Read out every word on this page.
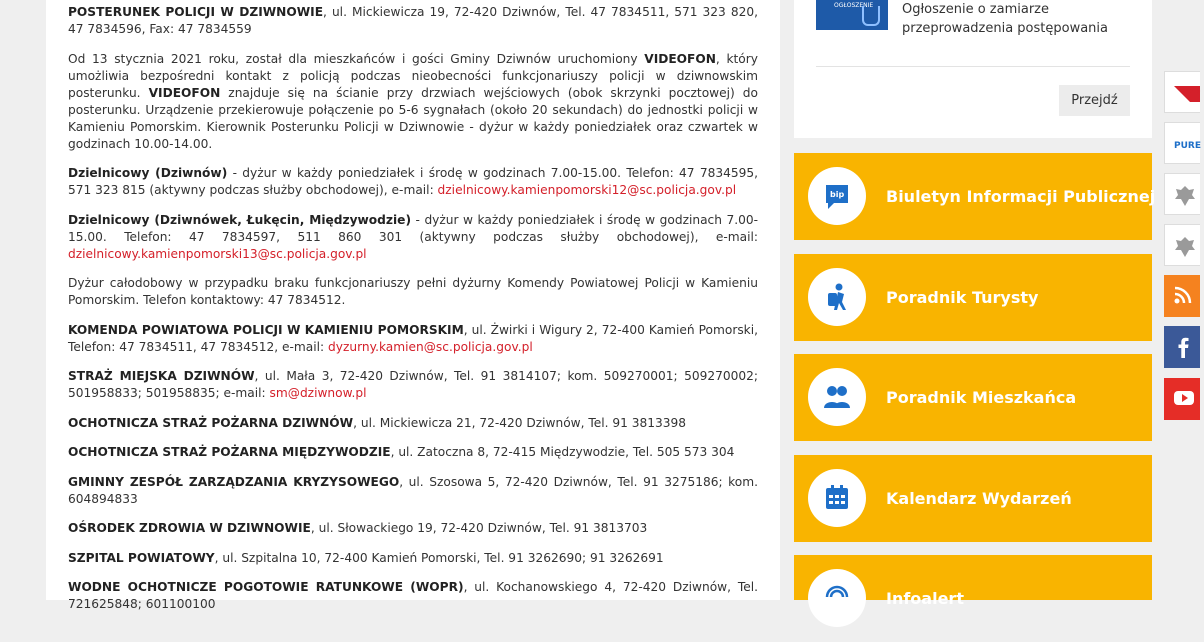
POSTERUNEK POLICJI W DZIWNOWIE, ul. Mickiewicza 19, 72-420 Dziwnów, Tel. 47 7834511, 571 323 820, 47 7834596, Fax: 47 7834559

Od 13 stycznia 2021 roku, został dla mieszkańców i gości Gminy Dziwnów uruchomiony VIDEOFON, który umożliwia bezpośredni kontakt z policją podczas nieobecności funkcjonariuszy policji w dziwnowskim posterunku. VIDEOFON znajduje się na ścianie przy drzwiach wejściowych (obok skrzynki pocztowej) do posterunku. Urządzenie przekierowuje połączenie po 5-6 sygnałach (około 20 sekundach) do jednostki policji w Kamieniu Pomorskim. Kierownik Posterunku Policji w Dziwnowie - dyżur w każdy poniedziałek oraz czwartek w godzinach 10.00-14.00.

Dzielnicowy (Dziwnów) - dyżur w każdy poniedziałek i środę w godzinach 7.00-15.00. Telefon: 47 7834595, 571 323 815 (aktywny podczas służby obchodowej), e-mail: dzielnicowy.kamienpomorski12@sc.policja.gov.pl

Dzielnicowy (Dziwnówek, Łukęcin, Międzywodzie) - dyżur w każdy poniedziałek i środę w godzinach 7.00-15.00. Telefon: 47 7834597, 511 860 301 (aktywny podczas służby obchodowej), e-mail: dzielnicowy.kamienpomorski13@sc.policja.gov.pl

Dyżur całodobowy w przypadku braku funkcjonariuszy pełni dyżurny Komendy Powiatowej Policji w Kamieniu Pomorskim. Telefon kontaktowy: 47 7834512.

KOMENDA POWIATOWA POLICJI W KAMIENIU POMORSKIM, ul. Żwirki i Wigury 2, 72-400 Kamień Pomorski, Telefon: 47 7834511, 47 7834512, e-mail: dyzurny.kamien@sc.policja.gov.pl

STRAŻ MIEJSKA DZIWNÓW, ul. Mała 3, 72-420 Dziwnów, Tel. 91 3814107; kom. 509270001; 509270002; 501958833; 501958835; e-mail: sm@dziwnow.pl

OCHOTNICZA STRAŻ POŻARNA DZIWNÓW, ul. Mickiewicza 21, 72-420 Dziwnów, Tel. 91 3813398

OCHOTNICZA STRAŻ POŻARNA MIĘDZYWODZIE, ul. Zatoczna 8, 72-415 Międzywodzie, Tel. 505 573 304

GMINNY ZESPÓŁ ZARZĄDZANIA KRYZYSOWEGO, ul. Szosowa 5, 72-420 Dziwnów, Tel. 91 3275186; kom. 604894833

OŚRODEK ZDROWIA W DZIWNOWIE, ul. Słowackiego 19, 72-420 Dziwnów, Tel. 91 3813703

SZPITAL POWIATOWY, ul. Szpitalna 10, 72-400 Kamień Pomorski, Tel. 91 3262690; 91 3262691

WODNE OCHOTNICZE POGOTOWIE RATUNKOWE (WOPR), ul. Kochanowskiego 4, 72-420 Dziwnów, Tel. 721625848; 601100100

OGŁOSZENIE Ogłoszenie o zamiarze przeprowadzenia postępowania
Przejdź
bip	Biuletyn Informacji Publicznej
Poradnik Turysty
Poradnik Mieszkańca
Kalendarz Wydarzeń
Infoalert
bip
PURE
